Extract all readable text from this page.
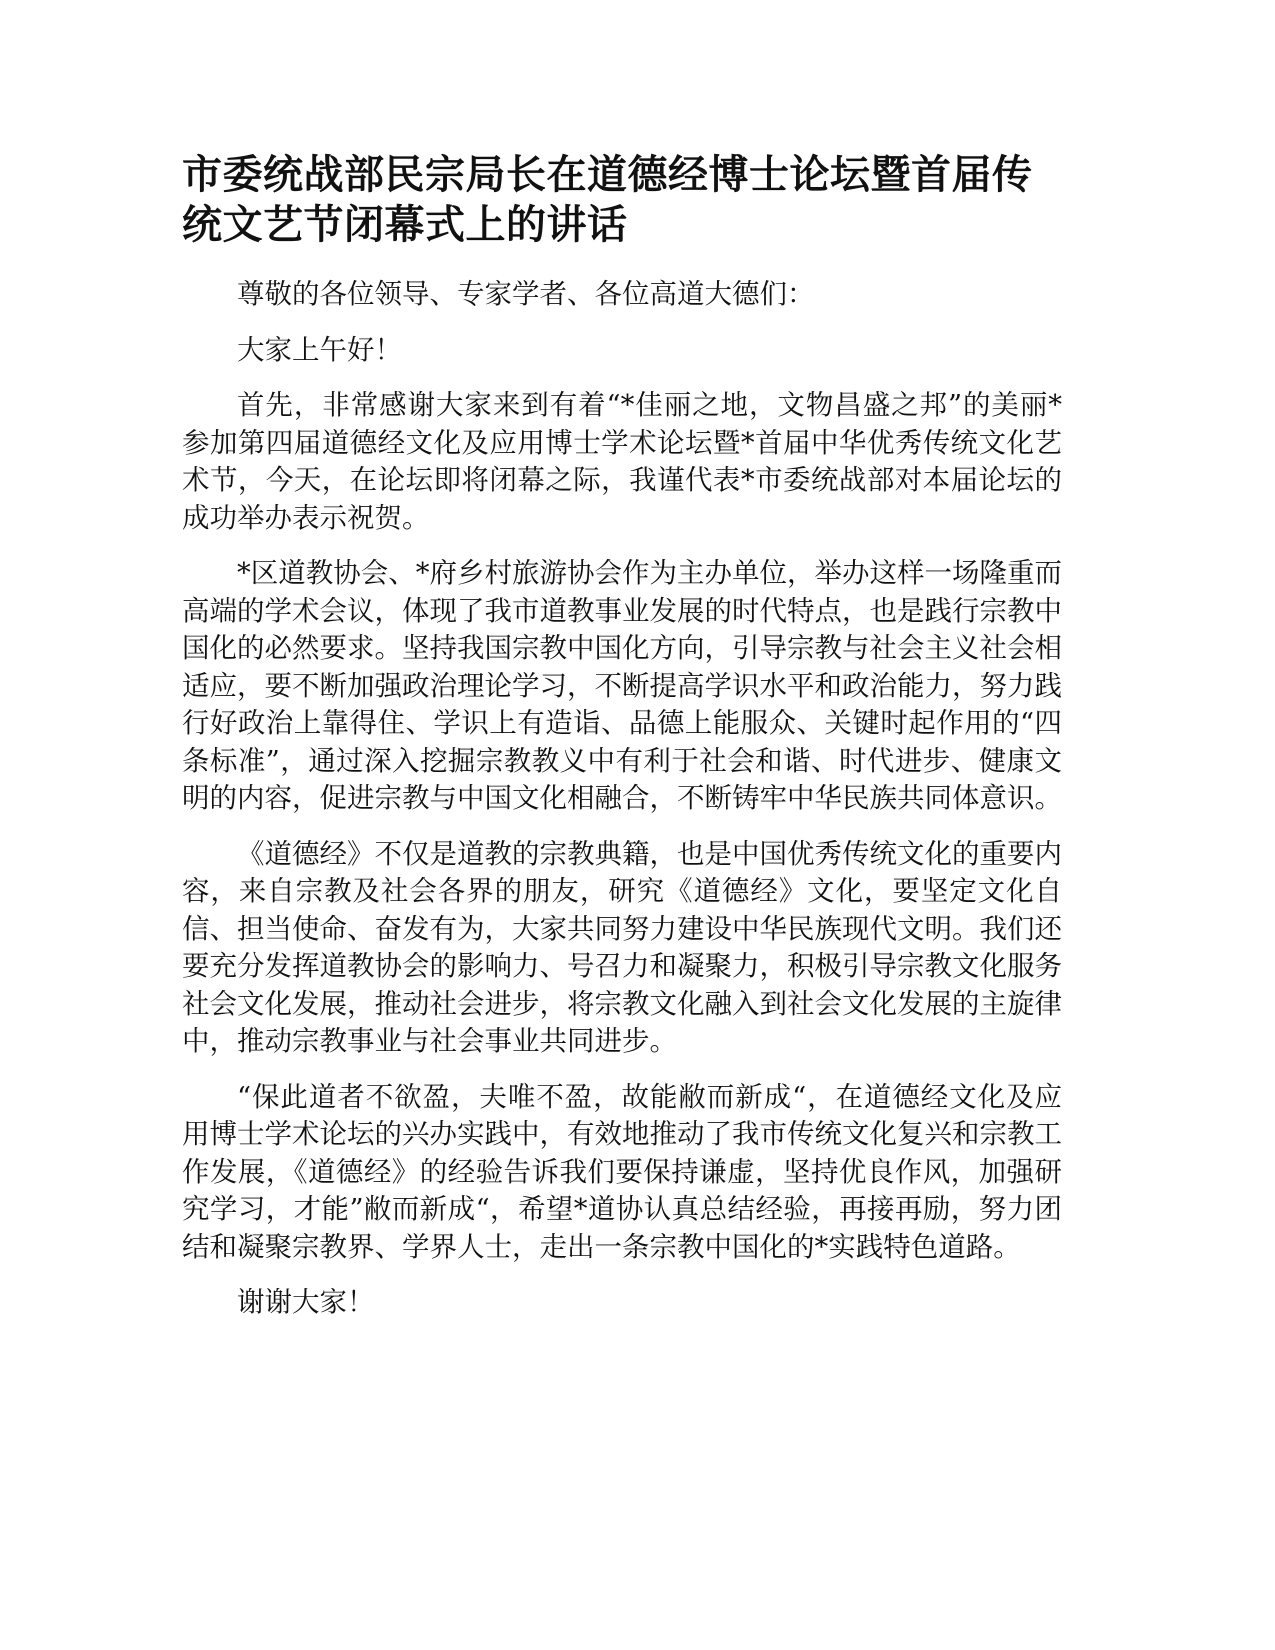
市委统战部民宗局长在道德经博士论坛暨首届传统文艺节闭幕式上的讲话

尊敬的各位领导、专家学者、各位高道大德们：

大家上午好！

首先，非常感谢大家来到有着“*佳丽之地，文物昌盛之邦”的美丽*参加第四届道德经文化及应用博士学术论坛暨*首届中华优秀传统文化艺术节，今天，在论坛即将闭幕之际，我谨代表*市委统战部对本届论坛的成功举办表示祝贺。

*区道教协会、*府乡村旅游协会作为主办单位，举办这样一场隆重而高端的学术会议，体现了我市道教事业发展的时代特点，也是践行宗教中国化的必然要求。坚持我国宗教中国化方向，引导宗教与社会主义社会相适应，要不断加强政治理论学习，不断提高学识水平和政治能力，努力践行好政治上靠得住、学识上有造诣、品德上能服众、关键时起作用的“四条标准”，通过深入挖掘宗教教义中有利于社会和谐、时代进步、健康文明的内容，促进宗教与中国文化相融合，不断铸牢中华民族共同体意识。

《道德经》不仅是道教的宗教典籍，也是中国优秀传统文化的重要内容，来自宗教及社会各界的朋友，研究《道德经》文化，要坚定文化自信、担当使命、奋发有为，大家共同努力建设中华民族现代文明。我们还要充分发挥道教协会的影响力、号召力和凝聚力，积极引导宗教文化服务社会文化发展，推动社会进步，将宗教文化融入到社会文化发展的主旋律中，推动宗教事业与社会事业共同进步。

“保此道者不欲盈，夫唯不盈，故能敝而新成“，在道德经文化及应用博士学术论坛的兴办实践中，有效地推动了我市传统文化复兴和宗教工作发展，《道德经》的经验告诉我们要保持谦虚，坚持优良作风，加强研究学习，才能”敝而新成“，希望*道协认真总结经验，再接再励，努力团结和凝聚宗教界、学界人士，走出一条宗教中国化的*实践特色道路。

谢谢大家！
